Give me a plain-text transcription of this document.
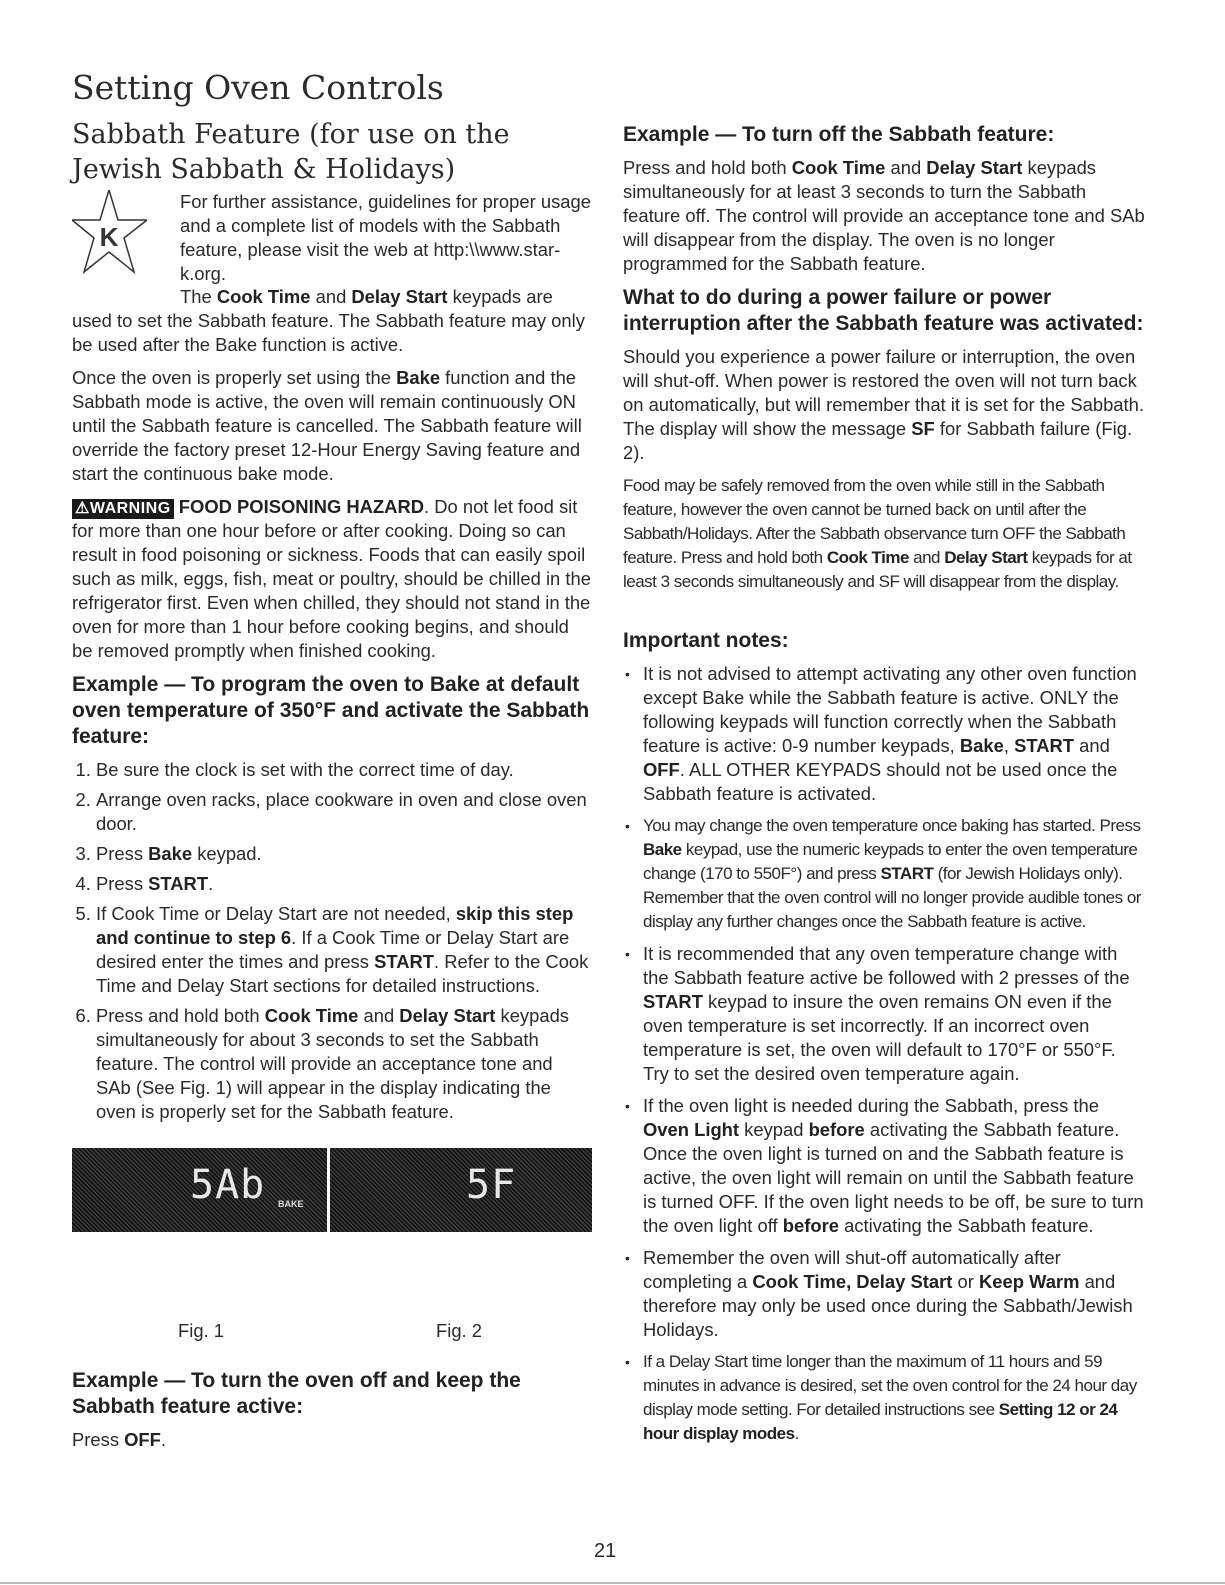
Setting Oven Controls
Sabbath Feature (for use on the Jewish Sabbath & Holidays)
K
For further assistance, guidelines for proper usage and a complete list of models with the Sabbath feature, please visit the web at http:\\www.star-k.org.

The Cook Time and Delay Start keypads are used to set the Sabbath feature. The Sabbath feature may only be used after the Bake function is active.

Once the oven is properly set using the Bake function and the Sabbath mode is active, the oven will remain continuously ON until the Sabbath feature is cancelled. The Sabbath feature will override the factory preset 12-Hour Energy Saving feature and start the continuous bake mode.

⚠WARNING FOOD POISONING HAZARD. Do not let food sit for more than one hour before or after cooking. Doing so can result in food poisoning or sickness. Foods that can easily spoil such as milk, eggs, fish, meat or poultry, should be chilled in the refrigerator first. Even when chilled, they should not stand in the oven for more than 1 hour before cooking begins, and should be removed promptly when finished cooking.

Example — To program the oven to Bake at default oven temperature of 350°F and activate the Sabbath feature:
1. Be sure the clock is set with the correct time of day.
2. Arrange oven racks, place cookware in oven and close oven door.
3. Press Bake keypad.
4. Press START.
5. If Cook Time or Delay Start are not needed, skip this step and continue to step 6. If a Cook Time or Delay Start are desired enter the times and press START. Refer to the Cook Time and Delay Start sections for detailed instructions.
6. Press and hold both Cook Time and Delay Start keypads simultaneously for about 3 seconds to set the Sabbath feature. The control will provide an acceptance tone and SAb (See Fig. 1) will appear in the display indicating the oven is properly set for the Sabbath feature.
5Ab BAKE	5F
Fig. 1	Fig. 2
Example — To turn the oven off and keep the Sabbath feature active:

Press OFF.

Example — To turn off the Sabbath feature:

Press and hold both Cook Time and Delay Start keypads simultaneously for at least 3 seconds to turn the Sabbath feature off. The control will provide an acceptance tone and SAb will disappear from the display. The oven is no longer programmed for the Sabbath feature.

What to do during a power failure or power interruption after the Sabbath feature was activated:

Should you experience a power failure or interruption, the oven will shut-off. When power is restored the oven will not turn back on automatically, but will remember that it is set for the Sabbath. The display will show the message SF for Sabbath failure (Fig. 2).

Food may be safely removed from the oven while still in the Sabbath feature, however the oven cannot be turned back on until after the Sabbath/Holidays. After the Sabbath observance turn OFF the Sabbath feature. Press and hold both Cook Time and Delay Start keypads for at least 3 seconds simultaneously and SF will disappear from the display.

Important notes:
• It is not advised to attempt activating any other oven function except Bake while the Sabbath feature is active. ONLY the following keypads will function correctly when the Sabbath feature is active: 0-9 number keypads, Bake, START and OFF. ALL OTHER KEYPADS should not be used once the Sabbath feature is activated.
• You may change the oven temperature once baking has started. Press Bake keypad, use the numeric keypads to enter the oven temperature change (170 to 550F°) and press START (for Jewish Holidays only). Remember that the oven control will no longer provide audible tones or display any further changes once the Sabbath feature is active.
• It is recommended that any oven temperature change with the Sabbath feature active be followed with 2 presses of the START keypad to insure the oven remains ON even if the oven temperature is set incorrectly. If an incorrect oven temperature is set, the oven will default to 170°F or 550°F. Try to set the desired oven temperature again.
• If the oven light is needed during the Sabbath, press the Oven Light keypad before activating the Sabbath feature. Once the oven light is turned on and the Sabbath feature is active, the oven light will remain on until the Sabbath feature is turned OFF. If the oven light needs to be off, be sure to turn the oven light off before activating the Sabbath feature.
• Remember the oven will shut-off automatically after completing a Cook Time, Delay Start or Keep Warm and therefore may only be used once during the Sabbath/Jewish Holidays.
• If a Delay Start time longer than the maximum of 11 hours and 59 minutes in advance is desired, set the oven control for the 24 hour day display mode setting. For detailed instructions see Setting 12 or 24 hour display modes.
21
